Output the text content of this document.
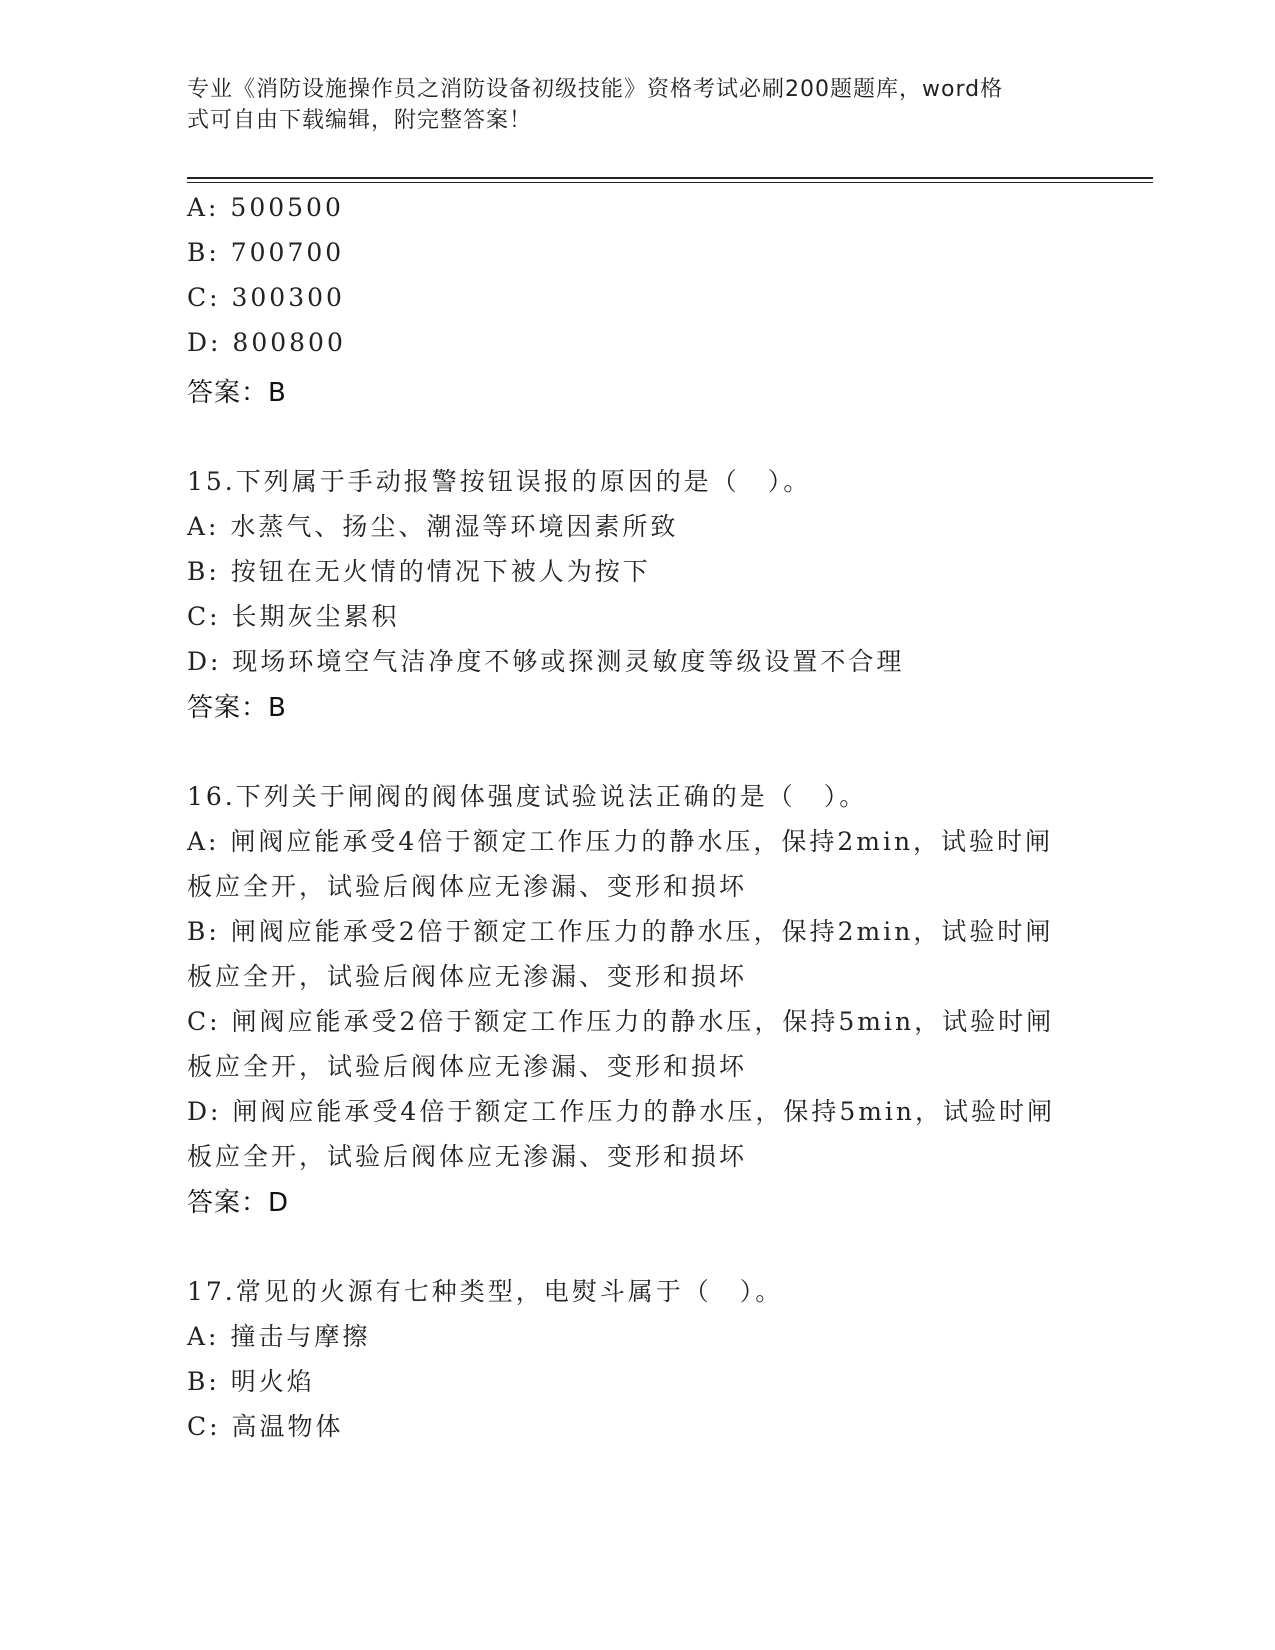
专业《消防设施操作员之消防设备初级技能》资格考试必刷200题题库，word格
式可自由下载编辑，附完整答案！
A: 500500
B: 700700
C: 300300
D: 800800
答案：B
15.下列属于手动报警按钮误报的原因的是（　）。
A: 水蒸气、扬尘、潮湿等环境因素所致
B: 按钮在无火情的情况下被人为按下
C: 长期灰尘累积
D: 现场环境空气洁净度不够或探测灵敏度等级设置不合理
答案：B
16.下列关于闸阀的阀体强度试验说法正确的是（　）。
A: 闸阀应能承受4倍于额定工作压力的静水压，保持2min，试验时闸
板应全开，试验后阀体应无渗漏、变形和损坏
B: 闸阀应能承受2倍于额定工作压力的静水压，保持2min，试验时闸
板应全开，试验后阀体应无渗漏、变形和损坏
C: 闸阀应能承受2倍于额定工作压力的静水压，保持5min，试验时闸
板应全开，试验后阀体应无渗漏、变形和损坏
D: 闸阀应能承受4倍于额定工作压力的静水压，保持5min，试验时闸
板应全开，试验后阀体应无渗漏、变形和损坏
答案：D
17.常见的火源有七种类型，电熨斗属于（　）。
A: 撞击与摩擦
B: 明火焰
C: 高温物体
